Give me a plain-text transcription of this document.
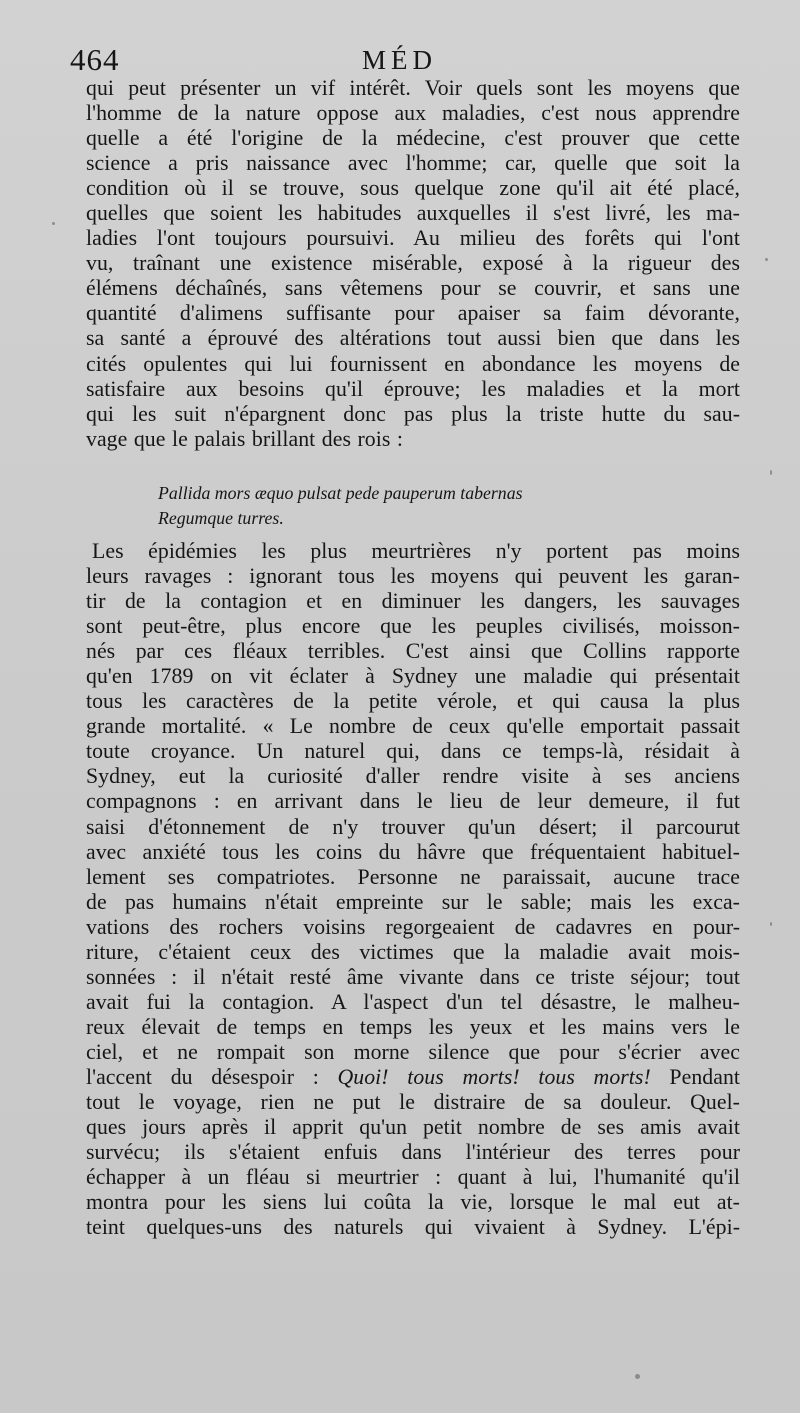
464	MÉD
qui peut présenter un vif intérêt. Voir quels sont les moyens que
l'homme de la nature oppose aux maladies, c'est nous apprendre
quelle a été l'origine de la médecine, c'est prouver que cette
science a pris naissance avec l'homme; car, quelle que soit la
condition où il se trouve, sous quelque zone qu'il ait été placé,
quelles que soient les habitudes auxquelles il s'est livré, les ma-
ladies l'ont toujours poursuivi. Au milieu des forêts qui l'ont
vu, traînant une existence misérable, exposé à la rigueur des
élémens déchaînés, sans vêtemens pour se couvrir, et sans une
quantité d'alimens suffisante pour apaiser sa faim dévorante,
sa santé a éprouvé des altérations tout aussi bien que dans les
cités opulentes qui lui fournissent en abondance les moyens de
satisfaire aux besoins qu'il éprouve; les maladies et la mort
qui les suit n'épargnent donc pas plus la triste hutte du sau-
vage que le palais brillant des rois :
Pallida mors æquo pulsat pede pauperum tabernas
Regumque turres.
Les épidémies les plus meurtrières n'y portent pas moins
leurs ravages : ignorant tous les moyens qui peuvent les garan-
tir de la contagion et en diminuer les dangers, les sauvages
sont peut-être, plus encore que les peuples civilisés, moisson-
nés par ces fléaux terribles. C'est ainsi que Collins rapporte
qu'en 1789 on vit éclater à Sydney une maladie qui présentait
tous les caractères de la petite vérole, et qui causa la plus
grande mortalité. « Le nombre de ceux qu'elle emportait passait
toute croyance. Un naturel qui, dans ce temps-là, résidait à
Sydney, eut la curiosité d'aller rendre visite à ses anciens
compagnons : en arrivant dans le lieu de leur demeure, il fut
saisi d'étonnement de n'y trouver qu'un désert; il parcourut
avec anxiété tous les coins du hâvre que fréquentaient habituel-
lement ses compatriotes. Personne ne paraissait, aucune trace
de pas humains n'était empreinte sur le sable; mais les exca-
vations des rochers voisins regorgeaient de cadavres en pour-
riture, c'étaient ceux des victimes que la maladie avait mois-
sonnées : il n'était resté âme vivante dans ce triste séjour; tout
avait fui la contagion. A l'aspect d'un tel désastre, le malheu-
reux élevait de temps en temps les yeux et les mains vers le
ciel, et ne rompait son morne silence que pour s'écrier avec
l'accent du désespoir : Quoi! tous morts! tous morts! Pendant
tout le voyage, rien ne put le distraire de sa douleur. Quel-
ques jours après il apprit qu'un petit nombre de ses amis avait
survécu; ils s'étaient enfuis dans l'intérieur des terres pour
échapper à un fléau si meurtrier : quant à lui, l'humanité qu'il
montra pour les siens lui coûta la vie, lorsque le mal eut at-
teint quelques-uns des naturels qui vivaient à Sydney. L'épi-
